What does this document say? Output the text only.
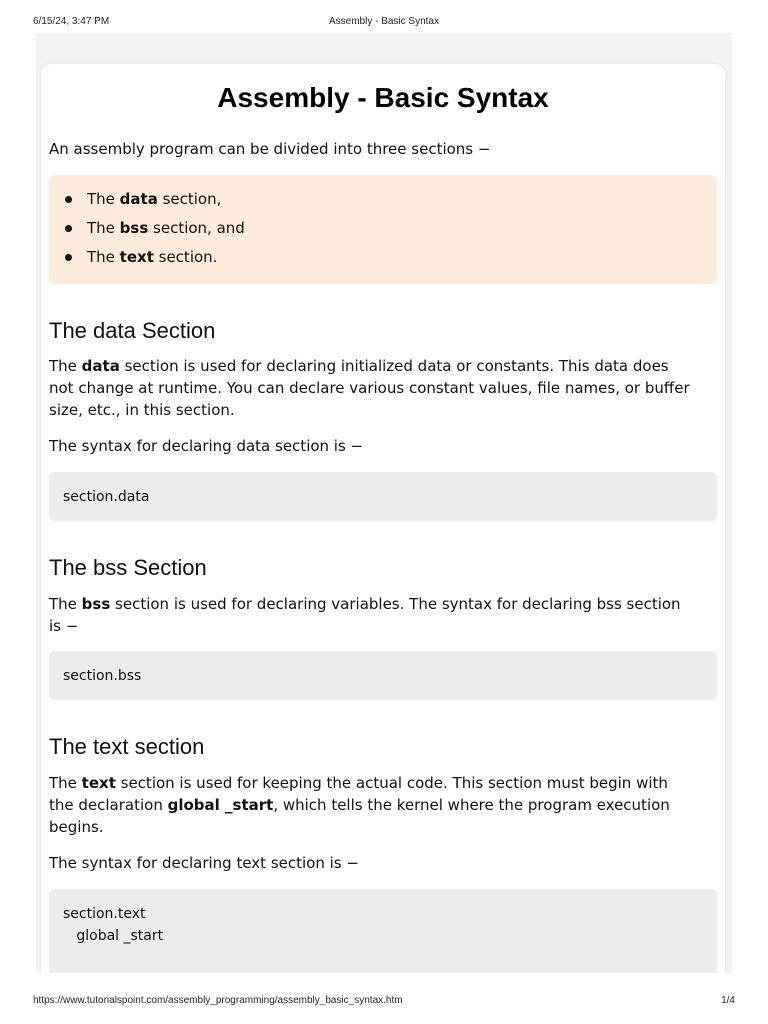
6/15/24, 3:47 PM	Assembly - Basic Syntax
Assembly - Basic Syntax

An assembly program can be divided into three sections −

The data section,
The bss section, and
The text section.
The data Section

The data section is used for declaring initialized data or constants. This data does
not change at runtime. You can declare various constant values, file names, or buffer
size, etc., in this section.

The syntax for declaring data section is −

section.data
The bss Section

The bss section is used for declaring variables. The syntax for declaring bss section
is −

section.bss
The text section

The text section is used for keeping the actual code. This section must begin with
the declaration global _start, which tells the kernel where the program execution
begins.

The syntax for declaring text section is −

section.text
global _start
https://www.tutorialspoint.com/assembly_programming/assembly_basic_syntax.htm	1/4
